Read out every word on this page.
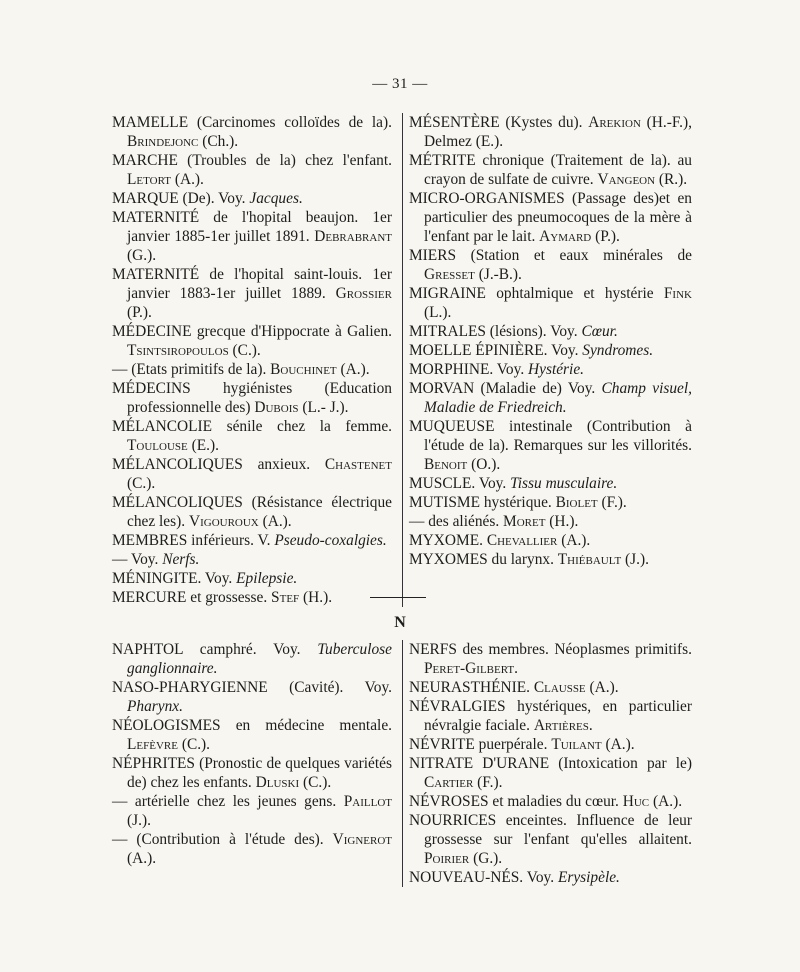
— 31 —

MAMELLE (Carcinomes colloïdes de la). Brindejonc (Ch.).

MARCHE (Troubles de la) chez l'enfant. Letort (A.).

MARQUE (De). Voy. Jacques.

MATERNITÉ de l'hopital beaujon. 1er janvier 1885-1er juillet 1891. Debrabrant (G.).

MATERNITÉ de l'hopital saint-louis. 1er janvier 1883-1er juillet 1889. Grossier (P.).

MÉDECINE grecque d'Hippocrate à Galien. Tsintsiropoulos (C.).

— (Etats primitifs de la). Bouchinet (A.).

MÉDECINS hygiénistes (Education professionnelle des) Dubois (L.- J.).

MÉLANCOLIE sénile chez la femme. Toulouse (E.).

MÉLANCOLIQUES anxieux. Chastenet (C.).

MÉLANCOLIQUES (Résistance électrique chez les). Vigouroux (A.).

MEMBRES inférieurs. V. Pseudo-coxalgies.

— Voy. Nerfs.

MÉNINGITE. Voy. Epilepsie.

MERCURE et grossesse. Stef (H.).

MÉSENTÈRE (Kystes du). Arekion (H.-F.), Delmez (E.).

MÉTRITE chronique (Traitement de la). au crayon de sulfate de cuivre. Vangeon (R.).

MICRO-ORGANISMES (Passage des)et en particulier des pneumocoques de la mère à l'enfant par le lait. Aymard (P.).

MIERS (Station et eaux minérales de Gresset (J.-B.).

MIGRAINE ophtalmique et hystérie Fink (L.).

MITRALES (lésions). Voy. Cœur.

MOELLE ÉPINIÈRE. Voy. Syndromes.

MORPHINE. Voy. Hystérie.

MORVAN (Maladie de) Voy. Champ visuel, Maladie de Friedreich.

MUQUEUSE intestinale (Contribution à l'étude de la). Remarques sur les villorités. Benoit (O.).

MUSCLE. Voy. Tissu musculaire.

MUTISME hystérique. Biolet (F.).

— des aliénés. Moret (H.).

MYXOME. Chevallier (A.).

MYXOMES du larynx. Thiébault (J.).

N

NAPHTOL camphré. Voy. Tuberculose ganglionnaire.

NASO-PHARYGIENNE (Cavité). Voy. Pharynx.

NÉOLOGISMES en médecine mentale. Lefèvre (C.).

NÉPHRITES (Pronostic de quelques variétés de) chez les enfants. Dluski (C.).

— artérielle chez les jeunes gens. Paillot (J.).

— (Contribution à l'étude des). Vignerot (A.).

NERFS des membres. Néoplasmes primitifs. Peret-Gilbert.

NEURASTHÉNIE. Clausse (A.).

NÉVRALGIES hystériques, en particulier névralgie faciale. Artières.

NÉVRITE puerpérale. Tuilant (A.).

NITRATE D'URANE (Intoxication par le) Cartier (F.).

NÉVROSES et maladies du cœur. Huc (A.).

NOURRICES enceintes. Influence de leur grossesse sur l'enfant qu'elles allaitent. Poirier (G.).

NOUVEAU-NÉS. Voy. Erysipèle.
